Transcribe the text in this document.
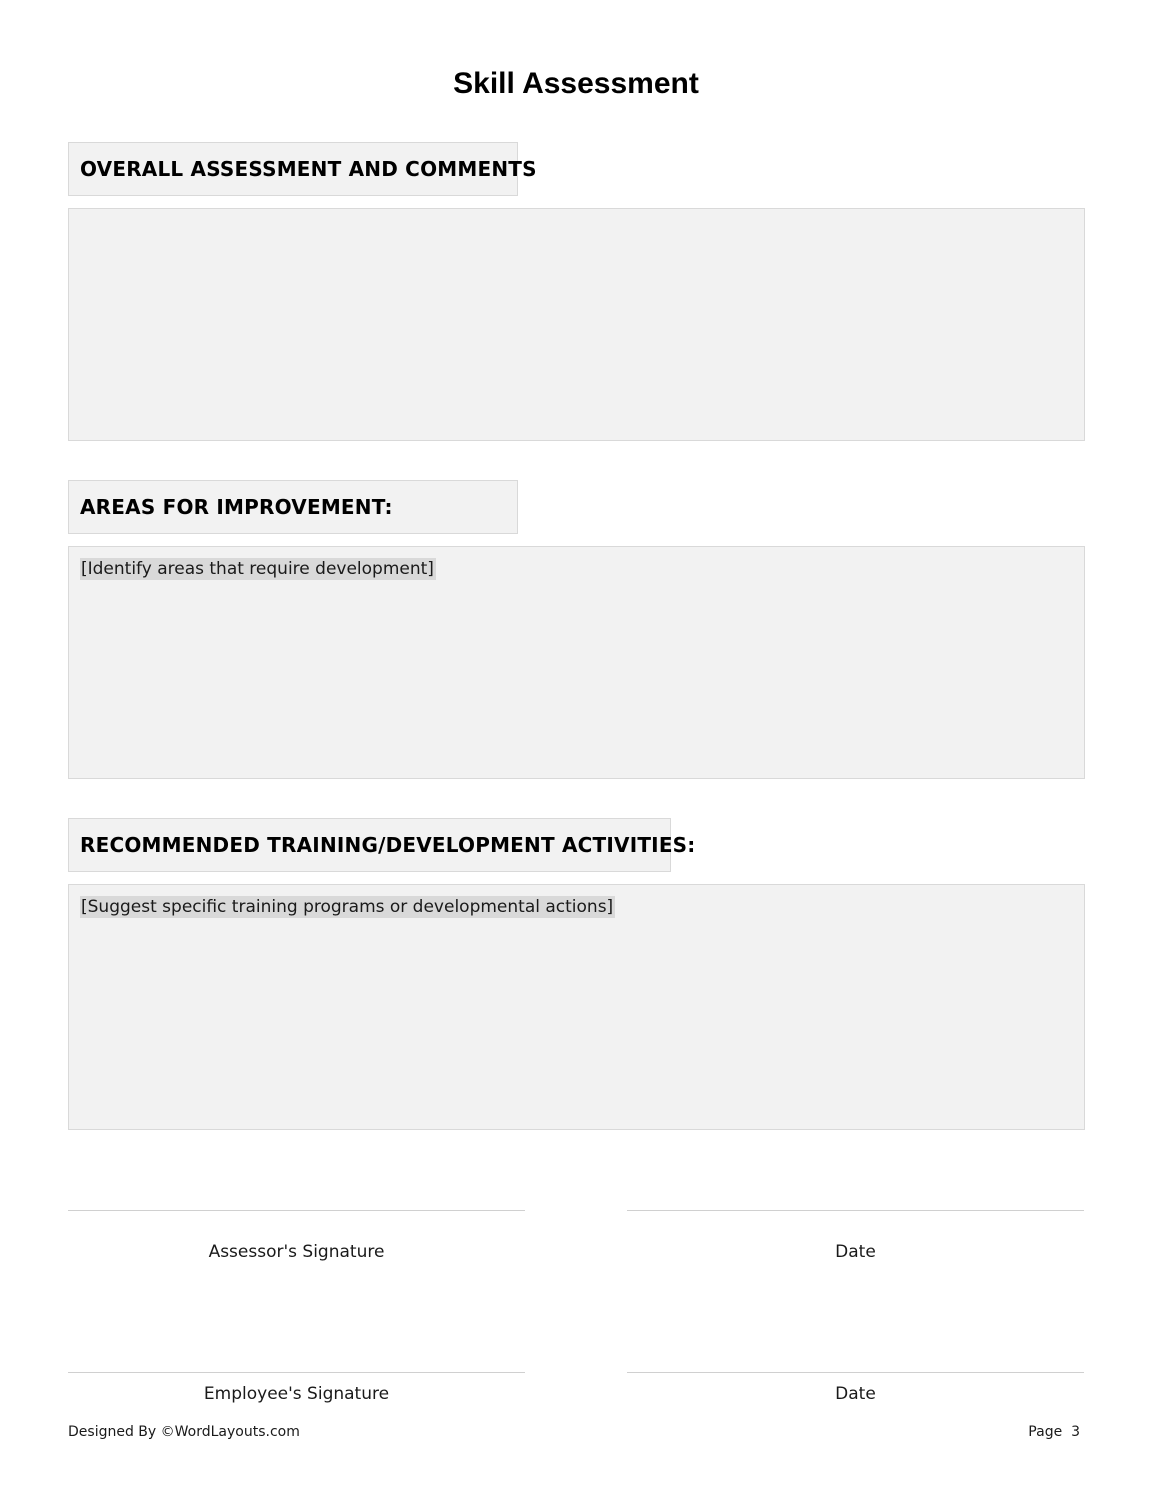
Skill Assessment
OVERALL ASSESSMENT AND COMMENTS
AREAS FOR IMPROVEMENT:
[Identify areas that require development]
RECOMMENDED TRAINING/DEVELOPMENT ACTIVITIES:
[Suggest specific training programs or developmental actions]
Assessor's Signature	Date
Employee's Signature	Date
Designed By ©WordLayouts.com	Page  3
